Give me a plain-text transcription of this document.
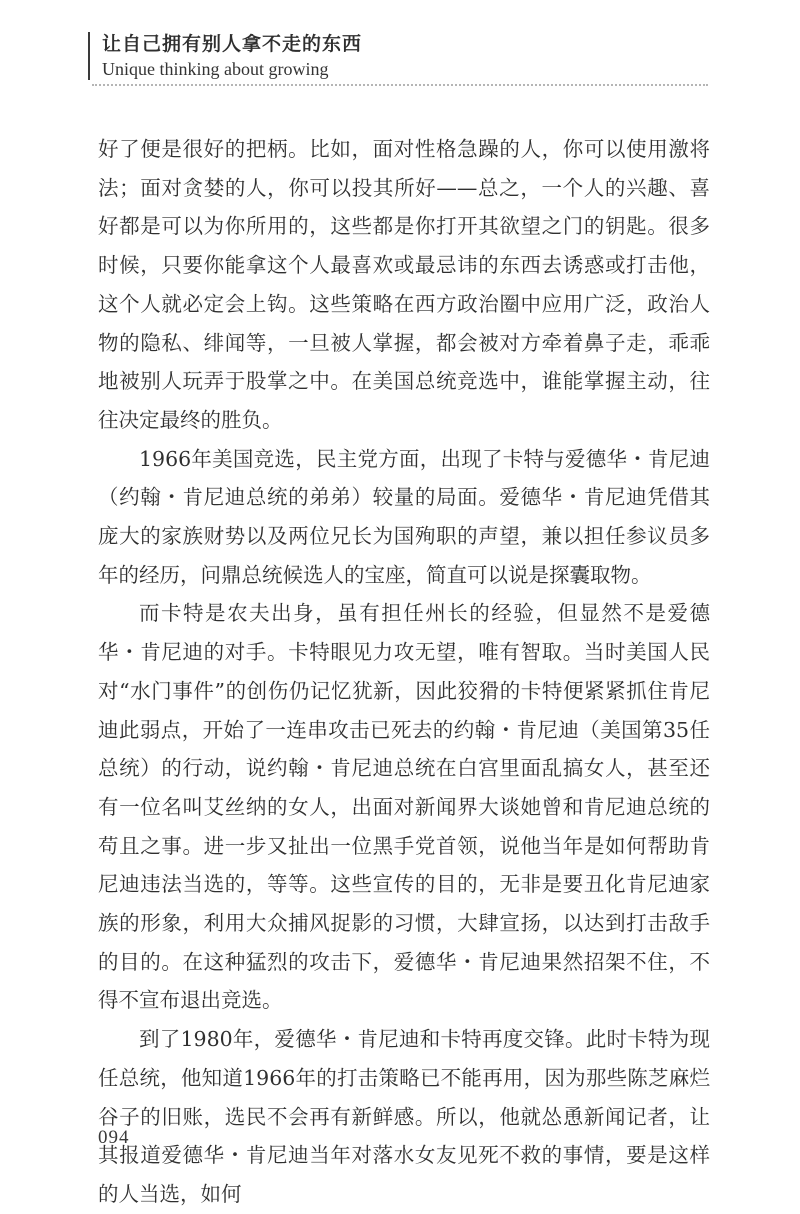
让自己拥有别人拿不走的东西
Unique thinking about growing

好了便是很好的把柄。比如，面对性格急躁的人，你可以使用激将法；面对贪婪的人，你可以投其所好——总之，一个人的兴趣、喜好都是可以为你所用的，这些都是你打开其欲望之门的钥匙。很多时候，只要你能拿这个人最喜欢或最忌讳的东西去诱惑或打击他，这个人就必定会上钩。这些策略在西方政治圈中应用广泛，政治人物的隐私、绯闻等，一旦被人掌握，都会被对方牵着鼻子走，乖乖地被别人玩弄于股掌之中。在美国总统竞选中，谁能掌握主动，往往决定最终的胜负。

1966年美国竞选，民主党方面，出现了卡特与爱德华・肯尼迪（约翰・肯尼迪总统的弟弟）较量的局面。爱德华・肯尼迪凭借其庞大的家族财势以及两位兄长为国殉职的声望，兼以担任参议员多年的经历，问鼎总统候选人的宝座，简直可以说是探囊取物。

而卡特是农夫出身，虽有担任州长的经验，但显然不是爱德华・肯尼迪的对手。卡特眼见力攻无望，唯有智取。当时美国人民对“水门事件”的创伤仍记忆犹新，因此狡猾的卡特便紧紧抓住肯尼迪此弱点，开始了一连串攻击已死去的约翰・肯尼迪（美国第35任总统）的行动，说约翰・肯尼迪总统在白宫里面乱搞女人，甚至还有一位名叫艾丝纳的女人，出面对新闻界大谈她曾和肯尼迪总统的苟且之事。进一步又扯出一位黑手党首领，说他当年是如何帮助肯尼迪违法当选的，等等。这些宣传的目的，无非是要丑化肯尼迪家族的形象，利用大众捕风捉影的习惯，大肆宣扬，以达到打击敌手的目的。在这种猛烈的攻击下，爱德华・肯尼迪果然招架不住，不得不宣布退出竞选。

到了1980年，爱德华・肯尼迪和卡特再度交锋。此时卡特为现任总统，他知道1966年的打击策略已不能再用，因为那些陈芝麻烂谷子的旧账，选民不会再有新鲜感。所以，他就怂恿新闻记者，让其报道爱德华・肯尼迪当年对落水女友见死不救的事情，要是这样的人当选，如何

094
